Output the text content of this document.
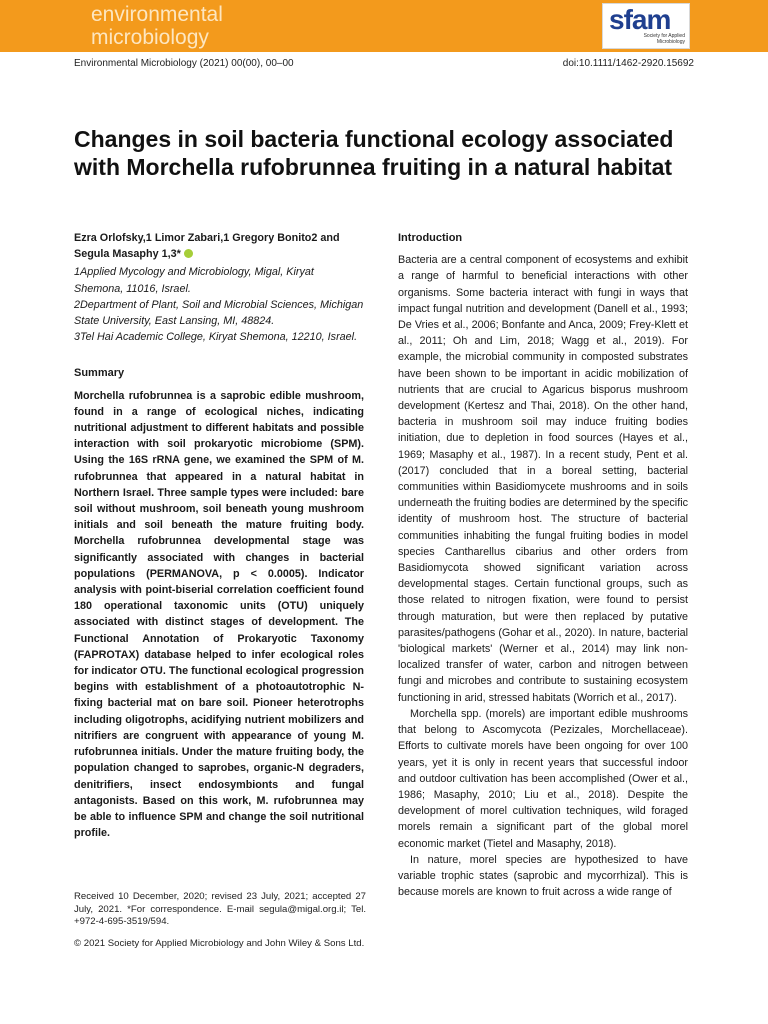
environmental
microbiology
sfam
Society for Applied Microbiology
Environmental Microbiology (2021) 00(00), 00–00	doi:10.1111/1462-2920.15692
Changes in soil bacteria functional ecology associated with Morchella rufobrunnea fruiting in a natural habitat

Ezra Orlofsky,1 Limor Zabari,1 Gregory Bonito2 and Segula Masaphy 1,3*

1Applied Mycology and Microbiology, Migal, Kiryat Shemona, 11016, Israel.

2Department of Plant, Soil and Microbial Sciences, Michigan State University, East Lansing, MI, 48824.

3Tel Hai Academic College, Kiryat Shemona, 12210, Israel.

Summary

Morchella rufobrunnea is a saprobic edible mushroom, found in a range of ecological niches, indicating nutritional adjustment to different habitats and possible interaction with soil prokaryotic microbiome (SPM). Using the 16S rRNA gene, we examined the SPM of M. rufobrunnea that appeared in a natural habitat in Northern Israel. Three sample types were included: bare soil without mushroom, soil beneath young mushroom initials and soil beneath the mature fruiting body. Morchella rufobrunnea developmental stage was significantly associated with changes in bacterial populations (PERMANOVA, p < 0.0005). Indicator analysis with point-biserial correlation coefficient found 180 operational taxonomic units (OTU) uniquely associated with distinct stages of development. The Functional Annotation of Prokaryotic Taxonomy (FAPROTAX) database helped to infer ecological roles for indicator OTU. The functional ecological progression begins with establishment of a photoautotrophic N-fixing bacterial mat on bare soil. Pioneer heterotrophs including oligotrophs, acidifying nutrient mobilizers and nitrifiers are congruent with appearance of young M. rufobrunnea initials. Under the mature fruiting body, the population changed to saprobes, organic-N degraders, denitrifiers, insect endosymbionts and fungal antagonists. Based on this work, M. rufobrunnea may be able to influence SPM and change the soil nutritional profile.

Introduction

Bacteria are a central component of ecosystems and exhibit a range of harmful to beneficial interactions with other organisms. Some bacteria interact with fungi in ways that impact fungal nutrition and development (Danell et al., 1993; De Vries et al., 2006; Bonfante and Anca, 2009; Frey-Klett et al., 2011; Oh and Lim, 2018; Wagg et al., 2019). For example, the microbial community in composted substrates have been shown to be important in acidic mobilization of nutrients that are crucial to Agaricus bisporus mushroom development (Kertesz and Thai, 2018). On the other hand, bacteria in mushroom soil may induce fruiting bodies initiation, due to depletion in food sources (Hayes et al., 1969; Masaphy et al., 1987). In a recent study, Pent et al. (2017) concluded that in a boreal setting, bacterial communities within Basidiomycete mushrooms and in soils underneath the fruiting bodies are determined by the specific identity of mushroom host. The structure of bacterial communities inhabiting the fungal fruiting bodies in model species Cantharellus cibarius and other orders from Basidiomycota showed significant variation across developmental stages. Certain functional groups, such as those related to nitrogen fixation, were found to persist through maturation, but were then replaced by putative parasites/pathogens (Gohar et al., 2020). In nature, bacterial 'biological markets' (Werner et al., 2014) may link non-localized transfer of water, carbon and nitrogen between fungi and microbes and contribute to sustaining ecosystem functioning in arid, stressed habitats (Worrich et al., 2017).

Morchella spp. (morels) are important edible mushrooms that belong to Ascomycota (Pezizales, Morchellaceae). Efforts to cultivate morels have been ongoing for over 100 years, yet it is only in recent years that successful indoor and outdoor cultivation has been accomplished (Ower et al., 1986; Masaphy, 2010; Liu et al., 2018). Despite the development of morel cultivation techniques, wild foraged morels remain a significant part of the global morel economic market (Tietel and Masaphy, 2018).

In nature, morel species are hypothesized to have variable trophic states (saprobic and mycorrhizal). This is because morels are known to fruit across a wide range of

Received 10 December, 2020; revised 23 July, 2021; accepted 27 July, 2021. *For correspondence. E-mail segula@migal.org.il; Tel. +972-4-695-3519/594.
© 2021 Society for Applied Microbiology and John Wiley & Sons Ltd.
